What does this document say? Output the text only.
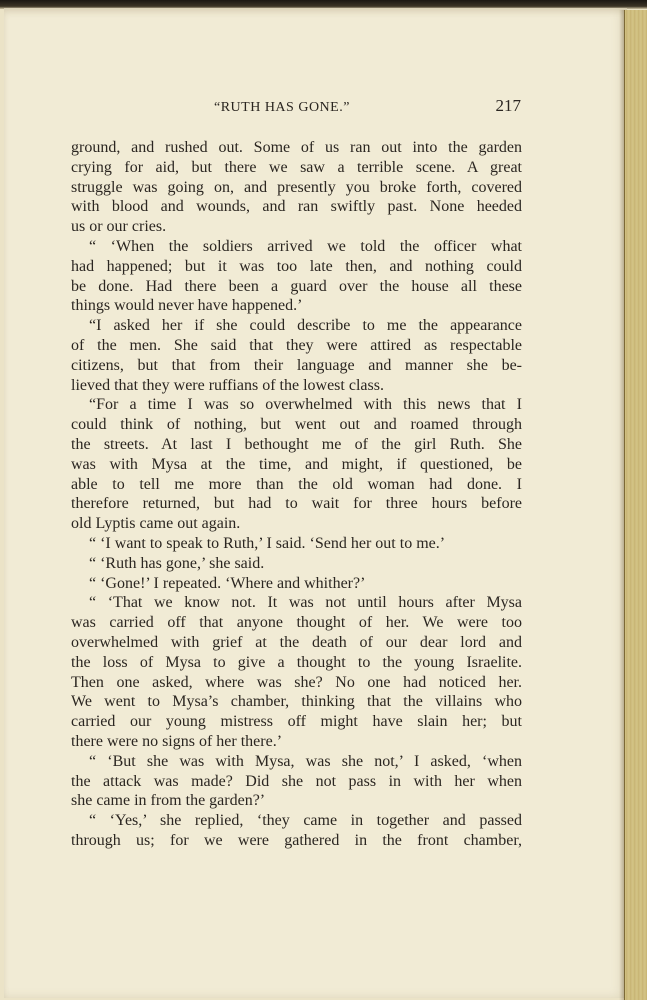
“RUTH HAS GONE.”	217
ground, and rushed out. Some of us ran out into the garden
crying for aid, but there we saw a terrible scene. A great
struggle was going on, and presently you broke forth, covered
with blood and wounds, and ran swiftly past. None heeded
us or our cries.
“ ‘When the soldiers arrived we told the officer what
had happened; but it was too late then, and nothing could
be done. Had there been a guard over the house all these
things would never have happened.’
“I asked her if she could describe to me the appearance
of the men. She said that they were attired as respectable
citizens, but that from their language and manner she be-
lieved that they were ruffians of the lowest class.
“For a time I was so overwhelmed with this news that I
could think of nothing, but went out and roamed through
the streets. At last I bethought me of the girl Ruth. She
was with Mysa at the time, and might, if questioned, be
able to tell me more than the old woman had done. I
therefore returned, but had to wait for three hours before
old Lyptis came out again.
“ ‘I want to speak to Ruth,’ I said. ‘Send her out to me.’
“ ‘Ruth has gone,’ she said.
“ ‘Gone!’ I repeated. ‘Where and whither?’
“ ‘That we know not. It was not until hours after Mysa
was carried off that anyone thought of her. We were too
overwhelmed with grief at the death of our dear lord and
the loss of Mysa to give a thought to the young Israelite.
Then one asked, where was she? No one had noticed her.
We went to Mysa’s chamber, thinking that the villains who
carried our young mistress off might have slain her; but
there were no signs of her there.’
“ ‘But she was with Mysa, was she not,’ I asked, ‘when
the attack was made? Did she not pass in with her when
she came in from the garden?’
“ ‘Yes,’ she replied, ‘they came in together and passed
through us; for we were gathered in the front chamber,
